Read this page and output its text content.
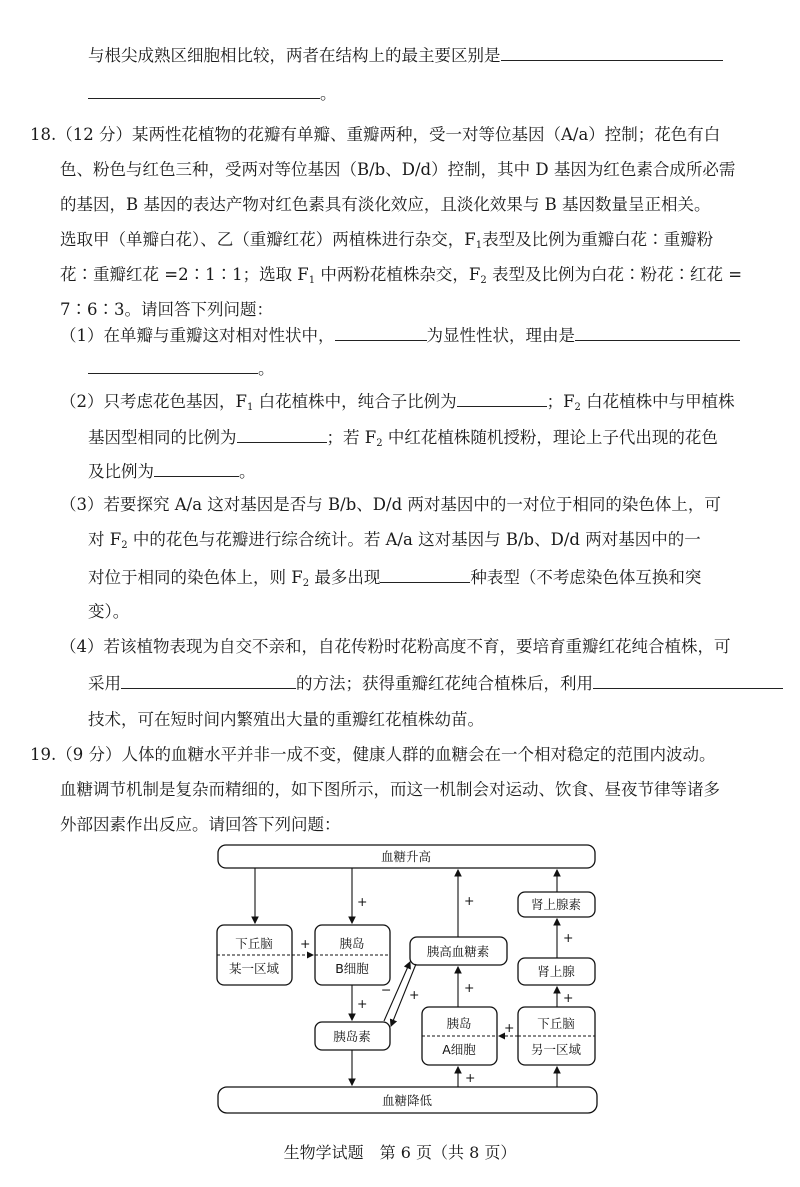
与根尖成熟区细胞相比较，两者在结构上的最主要区别是
。
18.（12 分）某两性花植物的花瓣有单瓣、重瓣两种，受一对等位基因（A/a）控制；花色有白
色、粉色与红色三种，受两对等位基因（B/b、D/d）控制，其中 D 基因为红色素合成所必需
的基因，B 基因的表达产物对红色素具有淡化效应，且淡化效果与 B 基因数量呈正相关。
选取甲（单瓣白花）、乙（重瓣红花）两植株进行杂交，$F_1$表型及比例为重瓣白花∶重瓣粉
花∶重瓣红花 =2∶1∶1；选取 $F_1$ 中两粉花植株杂交，$F_2$ 表型及比例为白花∶粉花∶红花 =
7∶6∶3。请回答下列问题：
（1）在单瓣与重瓣这对相对性状中，	为显性性状，理由是
。
（2）只考虑花色基因，$F_1$ 白花植株中，纯合子比例为	；$F_2$ 白花植株中与甲植株
基因型相同的比例为	；若 $F_2$ 中红花植株随机授粉，理论上子代出现的花色
及比例为	。
（3）若要探究 A/a 这对基因是否与 B/b、D/d 两对基因中的一对位于相同的染色体上，可
对 $F_2$ 中的花色与花瓣进行综合统计。若 A/a 这对基因与 B/b、D/d 两对基因中的一
对位于相同的染色体上，则 $F_2$ 最多出现	种表型（不考虑染色体互换和突
变）。
（4）若该植物表现为自交不亲和，自花传粉时花粉高度不育，要培育重瓣红花纯合植株，可
采用	的方法；获得重瓣红花纯合植株后，利用
技术，可在短时间内繁殖出大量的重瓣红花植株幼苗。
19.（9 分）人体的血糖水平并非一成不变，健康人群的血糖会在一个相对稳定的范围内波动。
血糖调节机制是复杂而精细的，如下图所示，而这一机制会对运动、饮食、昼夜节律等诸多
外部因素作出反应。请回答下列问题：
血糖升高
血糖降低
下丘脑
某一区域
胰岛
B细胞
胰高血糖素
胰岛素
胰岛
A细胞
下丘脑
另一区域
肾上腺
肾上腺素
+
+
+
− +
+
+
+
+
+
+
生物学试题　第 6 页（共 8 页）
